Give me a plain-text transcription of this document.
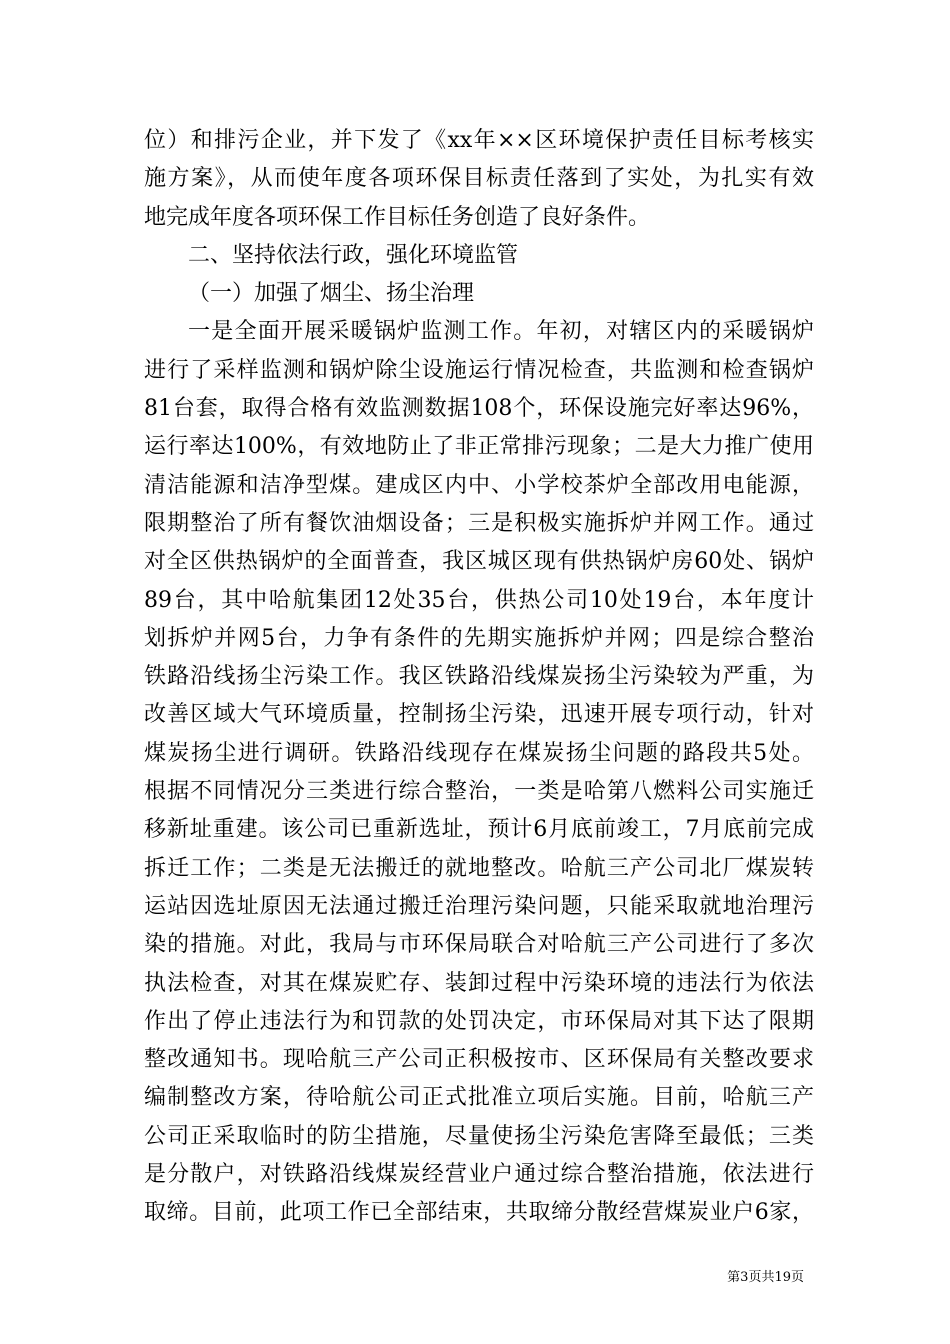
位）和排污企业，并下发了《xx年××区环境保护责任目标考核实
施方案》，从而使年度各项环保目标责任落到了实处，为扎实有效
地完成年度各项环保工作目标任务创造了良好条件。
二、坚持依法行政，强化环境监管
（一）加强了烟尘、扬尘治理
一是全面开展采暖锅炉监测工作。年初，对辖区内的采暖锅炉
进行了采样监测和锅炉除尘设施运行情况检查，共监测和检查锅炉
81台套，取得合格有效监测数据108个，环保设施完好率达96%，
运行率达100%，有效地防止了非正常排污现象；二是大力推广使用
清洁能源和洁净型煤。建成区内中、小学校茶炉全部改用电能源，
限期整治了所有餐饮油烟设备；三是积极实施拆炉并网工作。通过
对全区供热锅炉的全面普查，我区城区现有供热锅炉房60处、锅炉
89台，其中哈航集团12处35台，供热公司10处19台，本年度计
划拆炉并网5台，力争有条件的先期实施拆炉并网；四是综合整治
铁路沿线扬尘污染工作。我区铁路沿线煤炭扬尘污染较为严重，为
改善区域大气环境质量，控制扬尘污染，迅速开展专项行动，针对
煤炭扬尘进行调研。铁路沿线现存在煤炭扬尘问题的路段共5处。
根据不同情况分三类进行综合整治，一类是哈第八燃料公司实施迁
移新址重建。该公司已重新选址，预计6月底前竣工，7月底前完成
拆迁工作；二类是无法搬迁的就地整改。哈航三产公司北厂煤炭转
运站因选址原因无法通过搬迁治理污染问题，只能采取就地治理污
染的措施。对此，我局与市环保局联合对哈航三产公司进行了多次
执法检查，对其在煤炭贮存、装卸过程中污染环境的违法行为依法
作出了停止违法行为和罚款的处罚决定，市环保局对其下达了限期
整改通知书。现哈航三产公司正积极按市、区环保局有关整改要求
编制整改方案，待哈航公司正式批准立项后实施。目前，哈航三产
公司正采取临时的防尘措施，尽量使扬尘污染危害降至最低；三类
是分散户，对铁路沿线煤炭经营业户通过综合整治措施，依法进行
取缔。目前，此项工作已全部结束，共取缔分散经营煤炭业户6家，
第3页共19页
